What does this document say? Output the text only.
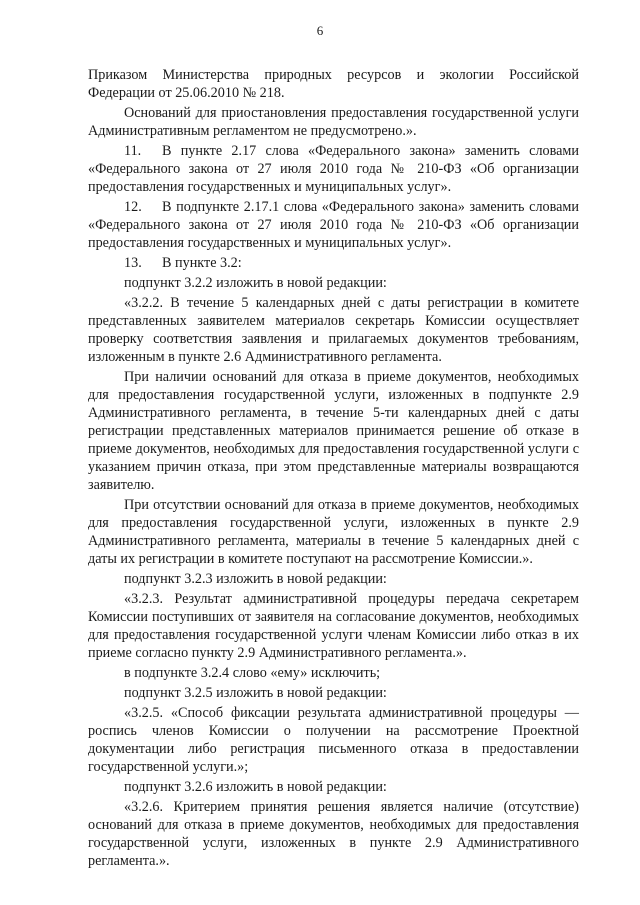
6

Приказом Министерства природных ресурсов и экологии Российской Федерации от 25.06.2010 № 218.

Оснований для приостановления предоставления государственной услуги Административным регламентом не предусмотрено.».

11. В пункте 2.17 слова «Федерального закона» заменить словами «Федерального закона от 27 июля 2010 года № 210-ФЗ «Об организации предоставления государственных и муниципальных услуг».

12. В подпункте 2.17.1 слова «Федерального закона» заменить словами «Федерального закона от 27 июля 2010 года № 210-ФЗ «Об организации предоставления государственных и муниципальных услуг».

13. В пункте 3.2:

подпункт 3.2.2 изложить в новой редакции:

«3.2.2. В течение 5 календарных дней с даты регистрации в комитете представленных заявителем материалов секретарь Комиссии осуществляет проверку соответствия заявления и прилагаемых документов требованиям, изложенным в пункте 2.6 Административного регламента.

При наличии оснований для отказа в приеме документов, необходимых для предоставления государственной услуги, изложенных в подпункте 2.9 Административного регламента, в течение 5-ти календарных дней с даты регистрации представленных материалов принимается решение об отказе в приеме документов, необходимых для предоставления государственной услуги с указанием причин отказа, при этом представленные материалы возвращаются заявителю.

При отсутствии оснований для отказа в приеме документов, необходимых для предоставления государственной услуги, изложенных в пункте 2.9 Административного регламента, материалы в течение 5 календарных дней с даты их регистрации в комитете поступают на рассмотрение Комиссии.».

подпункт 3.2.3 изложить в новой редакции:

«3.2.3. Результат административной процедуры передача секретарем Комиссии поступивших от заявителя на согласование документов, необходимых для предоставления государственной услуги членам Комиссии либо отказ в их приеме согласно пункту 2.9 Административного регламента.».

в подпункте 3.2.4 слово «ему» исключить;

подпункт 3.2.5 изложить в новой редакции:

«3.2.5. «Способ фиксации результата административной процедуры — роспись членов Комиссии о получении на рассмотрение Проектной документации либо регистрация письменного отказа в предоставлении государственной услуги.»;

подпункт 3.2.6 изложить в новой редакции:

«3.2.6. Критерием принятия решения является наличие (отсутствие) оснований для отказа в приеме документов, необходимых для предоставления государственной услуги, изложенных в пункте 2.9 Административного регламента.».
